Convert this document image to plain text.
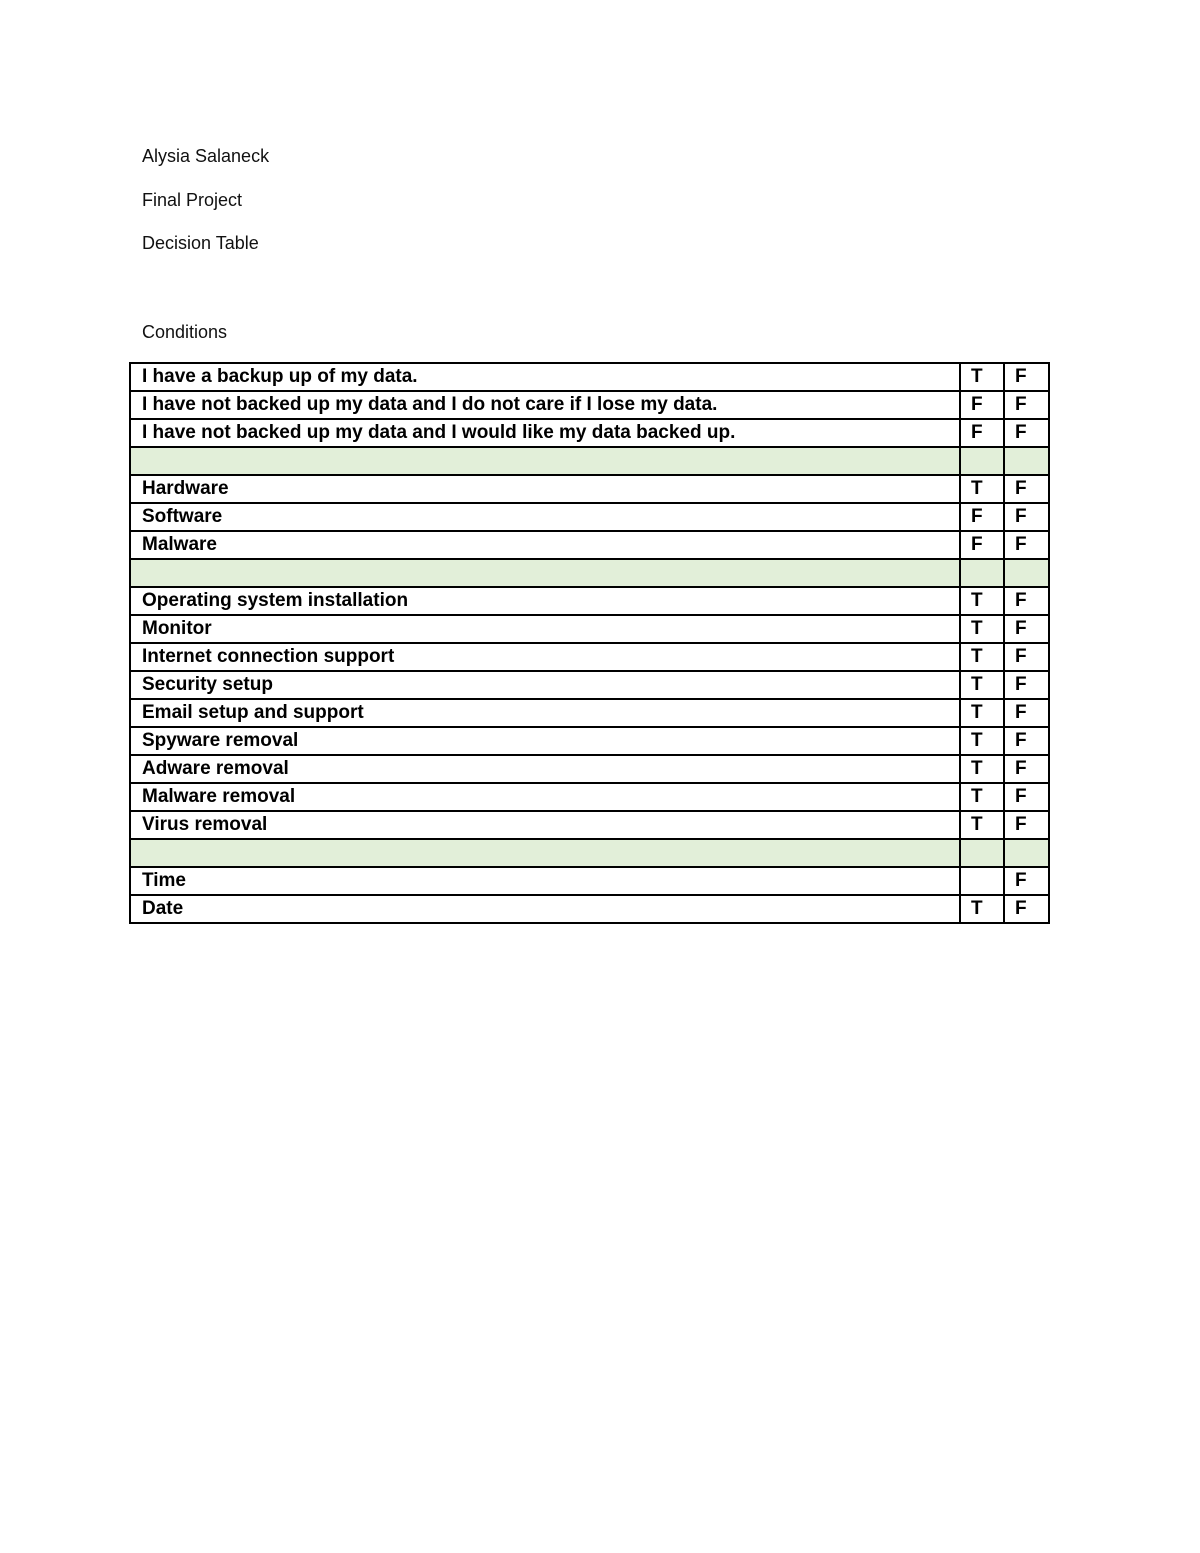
Alysia Salaneck
Final Project
Decision Table
Conditions
I have a backup up of my data.	T	F
I have not backed up my data and I do not care if I lose my data.	F	F
I have not backed up my data and I would like my data backed up.	F	F

Hardware	T	F
Software	F	F
Malware	F	F

Operating system installation	T	F
Monitor	T	F
Internet connection support	T	F
Security setup	T	F
Email setup and support	T	F
Spyware removal	T	F
Adware removal	T	F
Malware removal	T	F
Virus removal	T	F

Time		F
Date	T	F
